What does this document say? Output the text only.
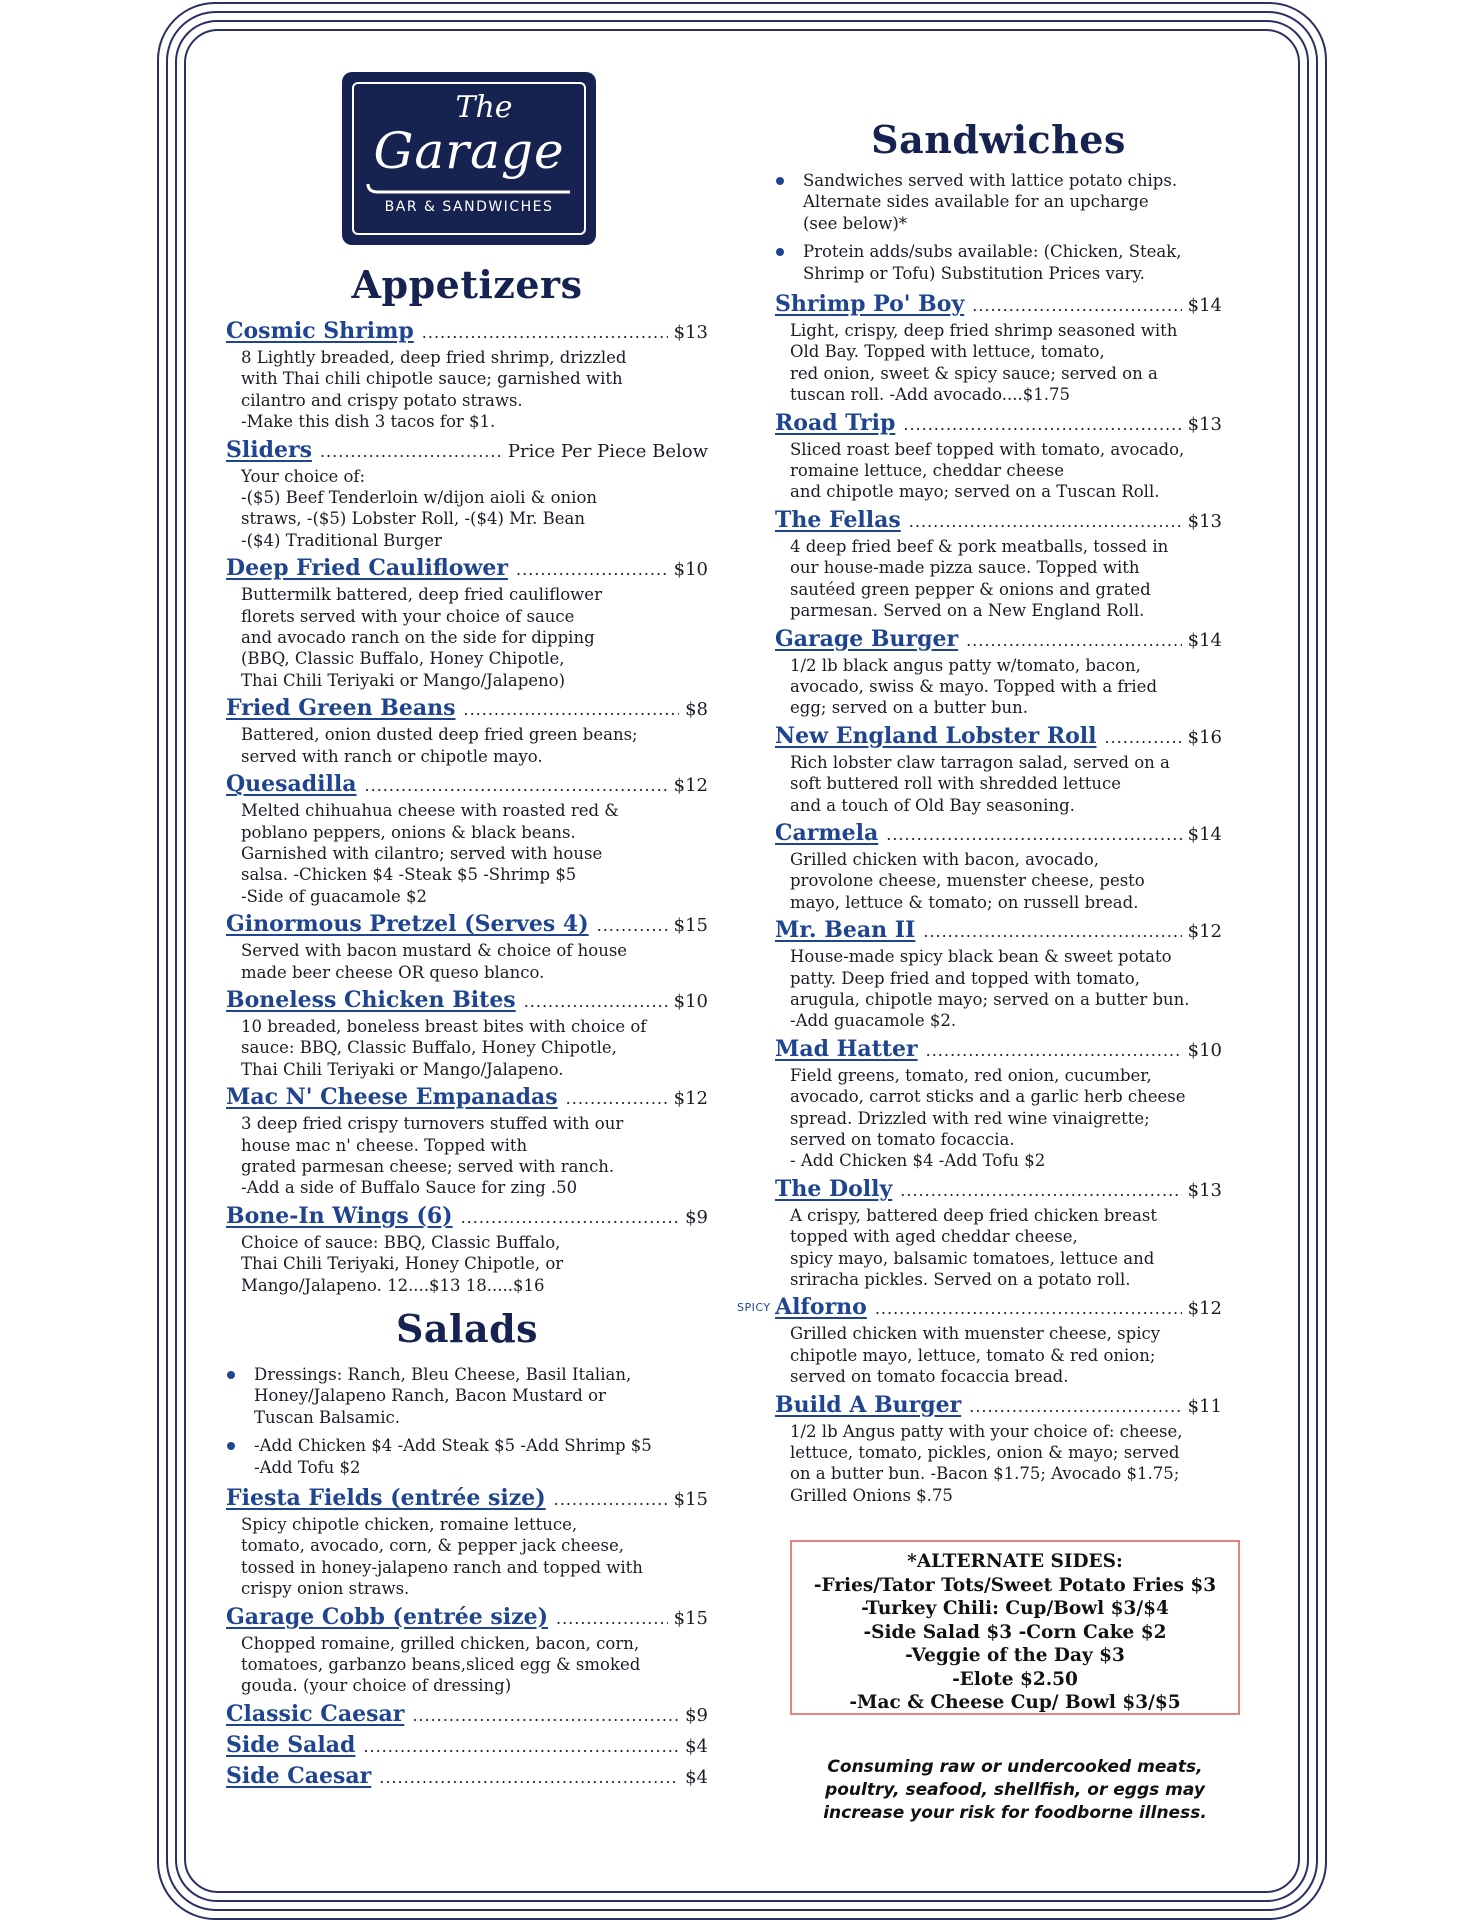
The
Garage
BAR & SANDWICHES
Appetizers
Cosmic Shrimp .....	$13
8 Lightly breaded, deep fried shrimp, drizzled
with Thai chili chipotle sauce; garnished with
cilantro and crispy potato straws.
-Make this dish 3 tacos for $1.
Sliders .....	Price Per Piece Below
Your choice of:
-($5) Beef Tenderloin w/dijon aioli & onion
straws, -($5) Lobster Roll, -($4) Mr. Bean
-($4) Traditional Burger
Deep Fried Cauliflower .....	$10
Buttermilk battered, deep fried cauliflower
florets served with your choice of sauce
and avocado ranch on the side for dipping
(BBQ, Classic Buffalo, Honey Chipotle,
Thai Chili Teriyaki or Mango/Jalapeno)
Fried Green Beans .....	$8
Battered, onion dusted deep fried green beans;
served with ranch or chipotle mayo.
Quesadilla .....	$12
Melted chihuahua cheese with roasted red &
poblano peppers, onions & black beans.
Garnished with cilantro; served with house
salsa. -Chicken $4 -Steak $5 -Shrimp $5
-Side of guacamole $2
Ginormous Pretzel (Serves 4) .....	$15
Served with bacon mustard & choice of house
made beer cheese OR queso blanco.
Boneless Chicken Bites .....	$10
10 breaded, boneless breast bites with choice of
sauce: BBQ, Classic Buffalo, Honey Chipotle,
Thai Chili Teriyaki or Mango/Jalapeno.
Mac N' Cheese Empanadas .....	$12
3 deep fried crispy turnovers stuffed with our
house mac n' cheese. Topped with
grated parmesan cheese; served with ranch.
-Add a side of Buffalo Sauce for zing .50
Bone-In Wings (6) .....	$9
Choice of sauce: BBQ, Classic Buffalo,
Thai Chili Teriyaki, Honey Chipotle, or
Mango/Jalapeno. 12....$13 18.....$16
Salads
Dressings: Ranch, Bleu Cheese, Basil Italian,
Honey/Jalapeno Ranch, Bacon Mustard or
Tuscan Balsamic.
-Add Chicken $4 -Add Steak $5 -Add Shrimp $5
-Add Tofu $2
Fiesta Fields (entrée size) .....	$15
Spicy chipotle chicken, romaine lettuce,
tomato, avocado, corn, & pepper jack cheese,
tossed in honey-jalapeno ranch and topped with
crispy onion straws.
Garage Cobb (entrée size) .....	$15
Chopped romaine, grilled chicken, bacon, corn,
tomatoes, garbanzo beans,sliced egg & smoked
gouda. (your choice of dressing)
Classic Caesar .....	$9
Side Salad .....	$4
Side Caesar .....	$4
Sandwiches
Sandwiches served with lattice potato chips.
Alternate sides available for an upcharge
(see below)*
Protein adds/subs available: (Chicken, Steak,
Shrimp or Tofu) Substitution Prices vary.
Shrimp Po' Boy .....	$14
Light, crispy, deep fried shrimp seasoned with
Old Bay. Topped with lettuce, tomato,
red onion, sweet & spicy sauce; served on a
tuscan roll. -Add avocado....$1.75
Road Trip .....	$13
Sliced roast beef topped with tomato, avocado,
romaine lettuce, cheddar cheese
and chipotle mayo; served on a Tuscan Roll.
The Fellas .....	$13
4 deep fried beef & pork meatballs, tossed in
our house-made pizza sauce. Topped with
sautéed green pepper & onions and grated
parmesan. Served on a New England Roll.
Garage Burger .....	$14
1/2 lb black angus patty w/tomato, bacon,
avocado, swiss & mayo. Topped with a fried
egg; served on a butter bun.
New England Lobster Roll .....	$16
Rich lobster claw tarragon salad, served on a
soft buttered roll with shredded lettuce
and a touch of Old Bay seasoning.
Carmela .....	$14
Grilled chicken with bacon, avocado,
provolone cheese, muenster cheese, pesto
mayo, lettuce & tomato; on russell bread.
Mr. Bean II .....	$12
House-made spicy black bean & sweet potato
patty. Deep fried and topped with tomato,
arugula, chipotle mayo; served on a butter bun.
-Add guacamole $2.
Mad Hatter .....	$10
Field greens, tomato, red onion, cucumber,
avocado, carrot sticks and a garlic herb cheese
spread. Drizzled with red wine vinaigrette;
served on tomato focaccia.
- Add Chicken $4 -Add Tofu $2
The Dolly .....	$13
A crispy, battered deep fried chicken breast
topped with aged cheddar cheese,
spicy mayo, balsamic tomatoes, lettuce and
sriracha pickles. Served on a potato roll.
SPICY Alforno .....	$12
Grilled chicken with muenster cheese, spicy
chipotle mayo, lettuce, tomato & red onion;
served on tomato focaccia bread.
Build A Burger .....	$11
1/2 lb Angus patty with your choice of: cheese,
lettuce, tomato, pickles, onion & mayo; served
on a butter bun. -Bacon $1.75; Avocado $1.75;
Grilled Onions $.75
*ALTERNATE SIDES:
-Fries/Tator Tots/Sweet Potato Fries $3
-Turkey Chili: Cup/Bowl $3/$4
-Side Salad $3 -Corn Cake $2
-Veggie of the Day $3
-Elote $2.50
-Mac & Cheese Cup/ Bowl $3/$5
Consuming raw or undercooked meats,
poultry, seafood, shellfish, or eggs may
increase your risk for foodborne illness.
